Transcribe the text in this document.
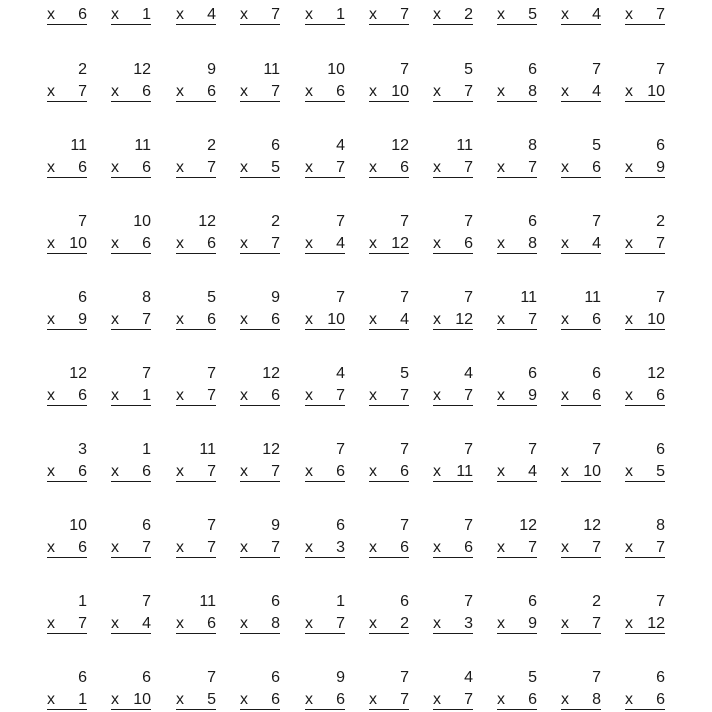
x 6 x 1 x 4 x 7 x 1 x 7 x 2 x 5 x 4 x 7
2
x 7
12
x 6
9
x 6
11
x 7
10
x 6
7
x 10
5
x 7
6
x 8
7
x 4
7
x 10
11
x 6
11
x 6
2
x 7
6
x 5
4
x 7
12
x 6
11
x 7
8
x 7
5
x 6
6
x 9
7
x 10
10
x 6
12
x 6
2
x 7
7
x 4
7
x 12
7
x 6
6
x 8
7
x 4
2
x 7
6
x 9
8
x 7
5
x 6
9
x 6
7
x 10
7
x 4
7
x 12
11
x 7
11
x 6
7
x 10
12
x 6
7
x 1
7
x 7
12
x 6
4
x 7
5
x 7
4
x 7
6
x 9
6
x 6
12
x 6
3
x 6
1
x 6
11
x 7
12
x 7
7
x 6
7
x 6
7
x 11
7
x 4
7
x 10
6
x 5
10
x 6
6
x 7
7
x 7
9
x 7
6
x 3
7
x 6
7
x 6
12
x 7
12
x 7
8
x 7
1
x 7
7
x 4
11
x 6
6
x 8
1
x 7
6
x 2
7
x 3
6
x 9
2
x 7
7
x 12
6
x 1
6
x 10
7
x 5
6
x 6
9
x 6
7
x 7
4
x 7
5
x 6
7
x 8
6
x 6
